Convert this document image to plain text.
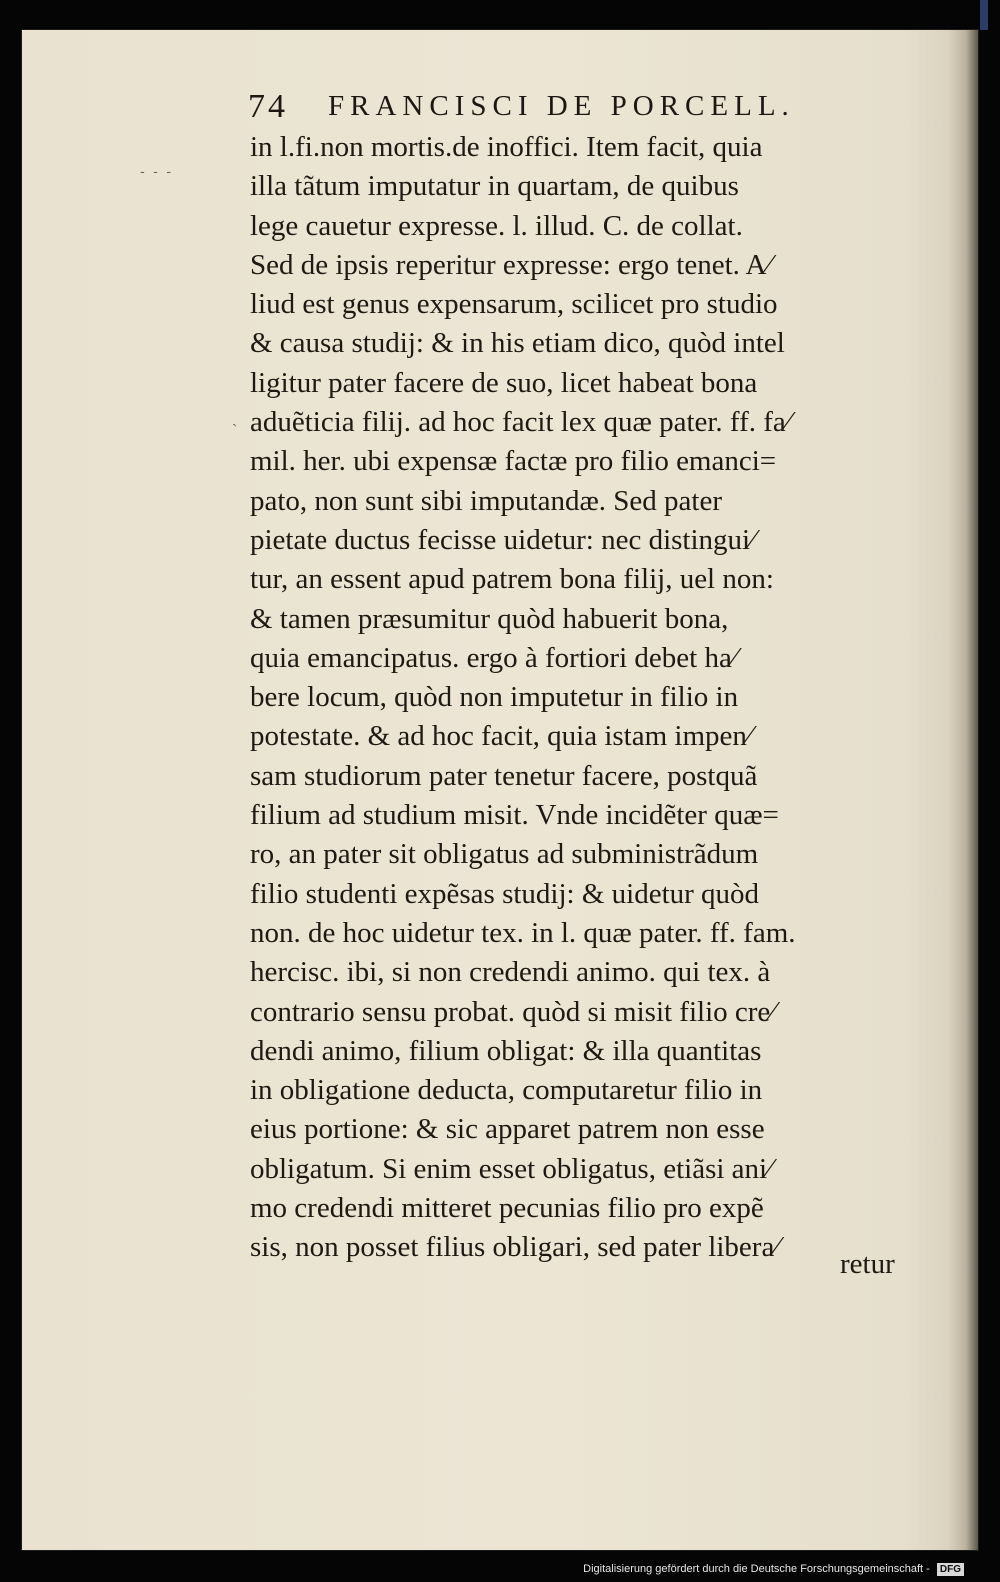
- - -
ˎ
74 FRANCISCI DE PORCELL.
in l.fi.non mortis.de inoffici. Item facit, quia
illa tãtum imputatur in quartam, de quibus
lege cauetur expresse. l. illud. C. de collat.
Sed de ipsis reperitur expresse: ergo tenet. A⁄
liud est genus expensarum, scilicet pro studio
& causa studij: & in his etiam dico, quòd intel
ligitur pater facere de suo, licet habeat bona
aduẽticia filij. ad hoc facit lex quæ pater. ff. fa⁄
mil. her. ubi expensæ factæ pro filio emanci=
pato, non sunt sibi imputandæ. Sed pater
pietate ductus fecisse uidetur: nec distingui⁄
tur, an essent apud patrem bona filij, uel non:
& tamen præsumitur quòd habuerit bona,
quia emancipatus. ergo à fortiori debet ha⁄
bere locum, quòd non imputetur in filio in
potestate. & ad hoc facit, quia istam impen⁄
sam studiorum pater tenetur facere, postquã
filium ad studium misit. Vnde incidẽter quæ=
ro, an pater sit obligatus ad subministrãdum
filio studenti expẽsas studij: & uidetur quòd
non. de hoc uidetur tex. in l. quæ pater. ff. fam.
hercisc. ibi, si non credendi animo. qui tex. à
contrario sensu probat. quòd si misit filio cre⁄
dendi animo, filium obligat: & illa quantitas
in obligatione deducta, computaretur filio in
eius portione: & sic apparet patrem non esse
obligatum. Si enim esset obligatus, etiãsi ani⁄
mo credendi mitteret pecunias filio pro expẽ
sis, non posset filius obligari, sed pater libera⁄
retur
Digitalisierung gefördert durch die Deutsche Forschungsgemeinschaft - DFG
